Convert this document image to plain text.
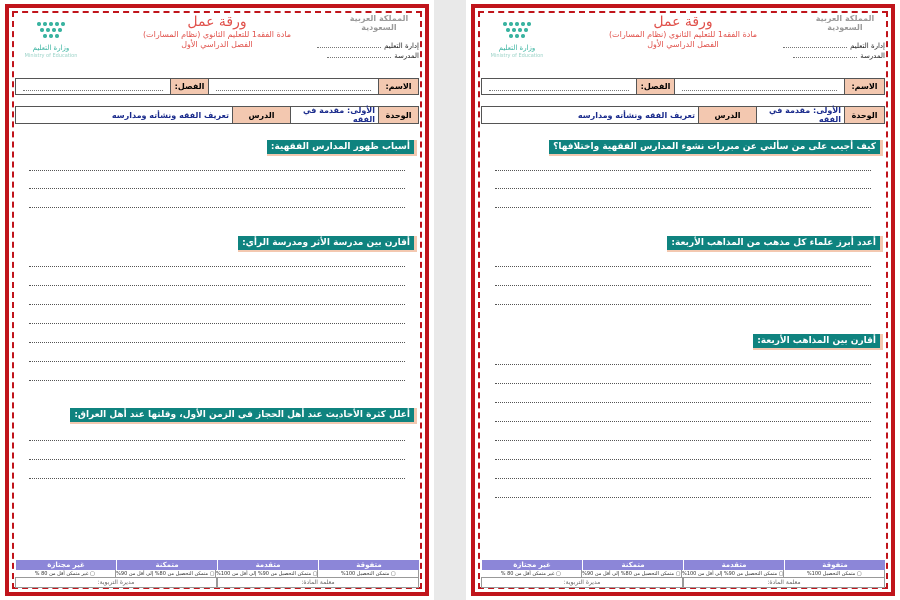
المملكة العربية السعودية
إدارة التعليم
المدرسة
ورقة عمل
مادة الفقه1 للتعليم الثانوي (نظام المسارات)
الفصل الدراسي الأول
وزارة التعليم
Ministry of Education
الاسم:
الفصل:
الوحدة
الأولى: مقدمة في الفقه
الدرس
تعريف الفقه ونشأته ومدارسه
أسباب ظهور المدارس الفقهية:
أقارن بين مدرسة الأثر ومدرسة الرأي:
أعلل كثرة الأحاديث عند أهل الحجاز في الزمن الأول، وقلتها عند أهل العراق:
متفوقة
متقدمة
متمكنة
غير مجتازة
▢ متمكن التحصيل 100%
▢ متمكن التحصيل من 90% إلى أقل من 100%
▢ متمكن التحصيل من 80% إلى أقل من 90%
▢ غير متمكن أقل من 80 %
معلمة المادة:
مديرة التربوية:
المملكة العربية السعودية
إدارة التعليم
المدرسة
ورقة عمل
مادة الفقه1 للتعليم الثانوي (نظام المسارات)
الفصل الدراسي الأول
وزارة التعليم
Ministry of Education
الاسم:
الفصل:
الوحدة
الأولى: مقدمة في الفقه
الدرس
تعريف الفقه ونشأته ومدارسه
كيف أجيب على من سألني عن مبررات نشوء المدارس الفقهية واختلافها؟
أعدد أبرز علماء كل مذهب من المذاهب الأربعة:
أقارن بين المذاهب الأربعة:
متفوقة
متقدمة
متمكنة
غير مجتازة
▢ متمكن التحصيل 100%
▢ متمكن التحصيل من 90% إلى أقل من 100%
▢ متمكن التحصيل من 80% إلى أقل من 90%
▢ غير متمكن أقل من 80 %
معلمة المادة:
مديرة التربوية:
